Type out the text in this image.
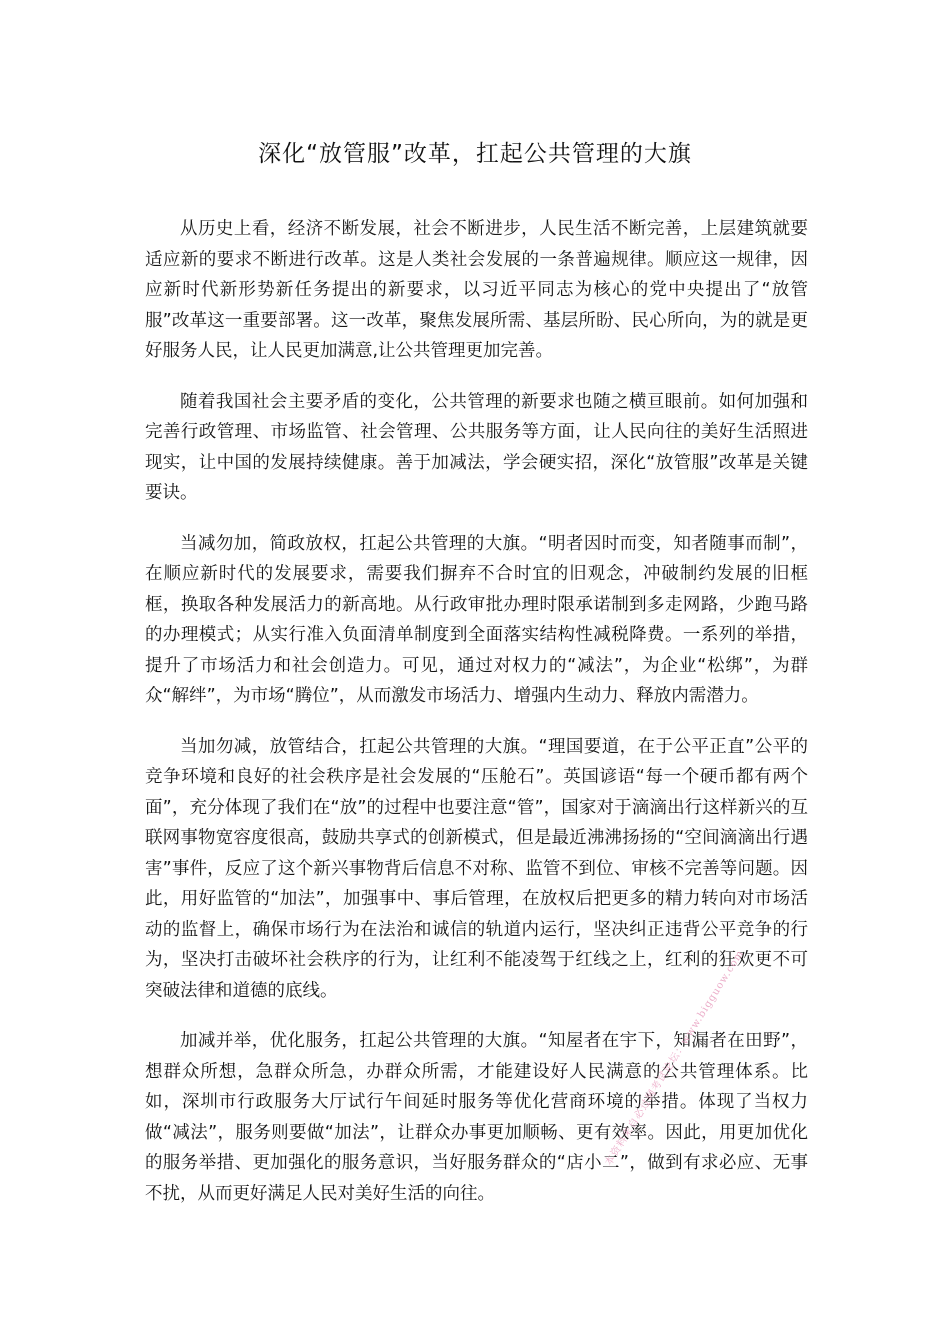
深化“放管服”改革，扛起公共管理的大旗

从历史上看，经济不断发展，社会不断进步，人民生活不断完善，上层建筑就要适应新的要求不断进行改革。这是人类社会发展的一条普遍规律。顺应这一规律，因应新时代新形势新任务提出的新要求，以习近平同志为核心的党中央提出了“放管服”改革这一重要部署。这一改革，聚焦发展所需、基层所盼、民心所向，为的就是更好服务人民，让人民更加满意,让公共管理更加完善。

随着我国社会主要矛盾的变化，公共管理的新要求也随之横亘眼前。如何加强和完善行政管理、市场监管、社会管理、公共服务等方面，让人民向往的美好生活照进现实，让中国的发展持续健康。善于加减法，学会硬实招，深化“放管服”改革是关键要诀。

当减勿加，简政放权，扛起公共管理的大旗。“明者因时而变，知者随事而制”，在顺应新时代的发展要求，需要我们摒弃不合时宜的旧观念，冲破制约发展的旧框框，换取各种发展活力的新高地。从行政审批办理时限承诺制到多走网路，少跑马路的办理模式；从实行准入负面清单制度到全面落实结构性减税降费。一系列的举措，提升了市场活力和社会创造力。可见，通过对权力的“减法”，为企业“松绑”，为群众“解绊”，为市场“腾位”，从而激发市场活力、增强内生动力、释放内需潜力。

当加勿减，放管结合，扛起公共管理的大旗。“理国要道，在于公平正直”公平的竞争环境和良好的社会秩序是社会发展的“压舱石”。英国谚语“每一个硬币都有两个面”，充分体现了我们在“放”的过程中也要注意“管”，国家对于滴滴出行这样新兴的互联网事物宽容度很高，鼓励共享式的创新模式，但是最近沸沸扬扬的“空间滴滴出行遇害”事件，反应了这个新兴事物背后信息不对称、监管不到位、审核不完善等问题。因此，用好监管的“加法”，加强事中、事后管理，在放权后把更多的精力转向对市场活动的监督上，确保市场行为在法治和诚信的轨道内运行，坚决纠正违背公平竞争的行为，坚决打击破坏社会秩序的行为，让红利不能凌驾于红线之上，红利的狂欢更不可突破法律和道德的底线。

加减并举，优化服务，扛起公共管理的大旗。“知屋者在宇下，知漏者在田野”，想群众所想，急群众所急，办群众所需，才能建设好人民满意的公共管理体系。比如，深圳市行政服务大厅试行午间延时服务等优化营商环境的举措。体现了当权力做“减法”，服务则要做“加法”，让群众办事更加顺畅、更有效率。因此，用更加优化的服务举措、更加强化的服务意识，当好服务群众的“店小二”，做到有求必应、无事不扰，从而更好满足人民对美好生活的向往。

本资料来自必过网考试论坛：www.bigguow.com
